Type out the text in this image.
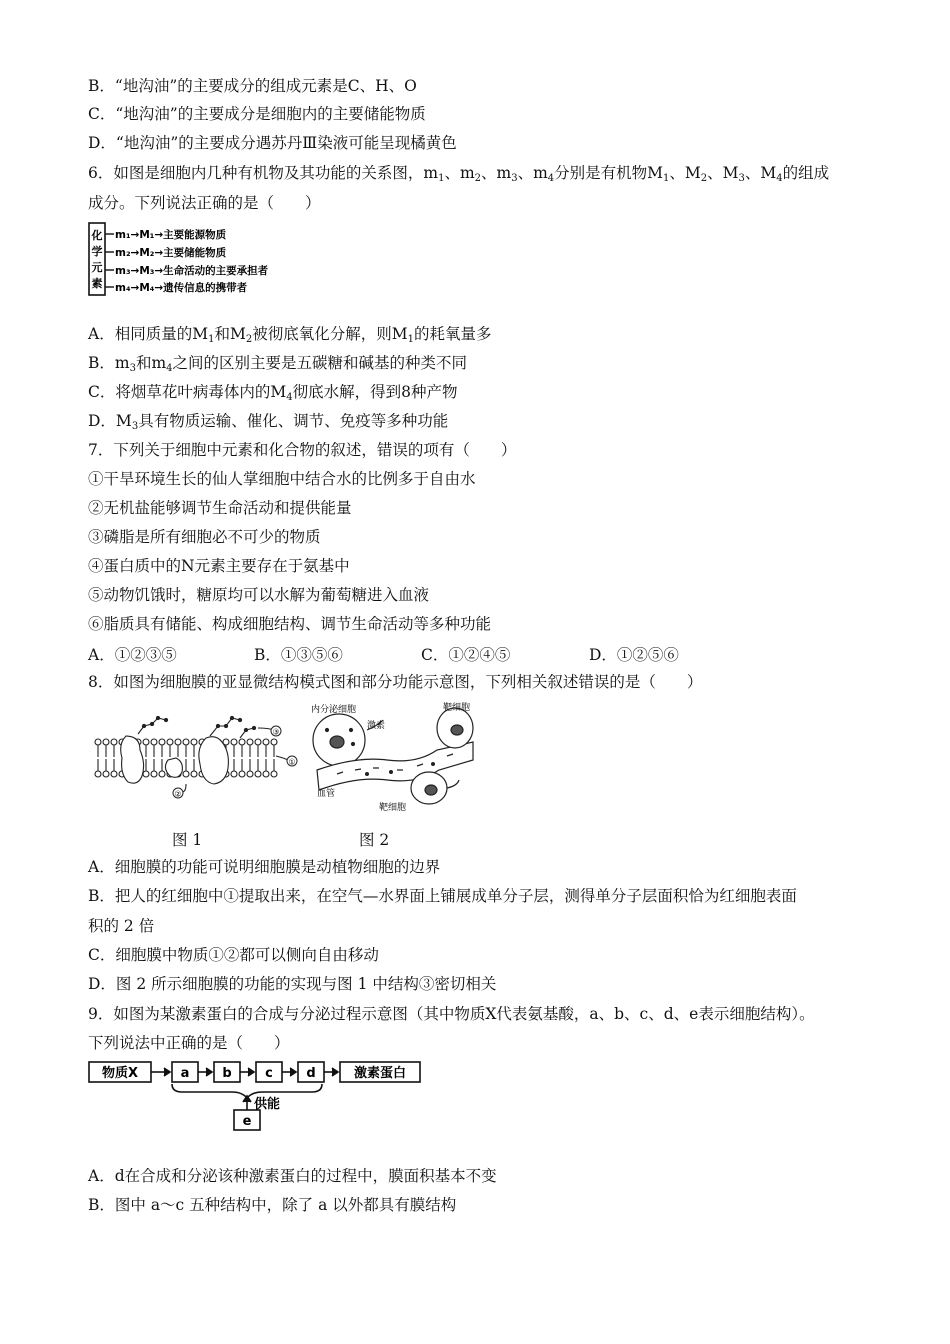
B．“地沟油”的主要成分的组成元素是C、H、O
C．“地沟油”的主要成分是细胞内的主要储能物质
D．“地沟油”的主要成分遇苏丹Ⅲ染液可能呈现橘黄色
6．如图是细胞内几种有机物及其功能的关系图，$m_1$、$m_2$、$m_3$、$m_4$分别是有机物$M_1$、$M_2$、$M_3$、$M_4$的组成
成分。下列说法正确的是（　　）
化
学
元
素
m₁→M₁→主要能源物质
m₂→M₂→主要储能物质
m₃→M₃→生命活动的主要承担者
m₄→M₄→遗传信息的携带者
A．相同质量的$M_1$和$M_2$被彻底氧化分解，则$M_1$的耗氧量多
B．$m_3$和$m_4$之间的区别主要是五碳糖和碱基的种类不同
C．将烟草花叶病毒体内的$M_4$彻底水解，得到8种产物
D．$M_3$具有物质运输、催化、调节、免疫等多种功能
7．下列关于细胞中元素和化合物的叙述，错误的项有（　　）
①干旱环境生长的仙人掌细胞中结合水的比例多于自由水
②无机盐能够调节生命活动和提供能量
③磷脂是所有细胞必不可少的物质
④蛋白质中的N元素主要存在于氨基中
⑤动物饥饿时，糖原均可以水解为葡萄糖进入血液
⑥脂质具有储能、构成细胞结构、调节生命活动等多种功能
A．①②③⑤	B．①③⑤⑥	C．①②④⑤	D．①②⑤⑥
8．如图为细胞膜的亚显微结构模式图和部分功能示意图，下列相关叙述错误的是（　　）
③
①
②
内分泌细胞
激素
靶细胞
血管
靶细胞
图 1	图 2
A．细胞膜的功能可说明细胞膜是动植物细胞的边界
B．把人的红细胞中①提取出来，在空气—水界面上铺展成单分子层，测得单分子层面积恰为红细胞表面
积的 2 倍
C．细胞膜中物质①②都可以侧向自由移动
D．图 2 所示细胞膜的功能的实现与图 1 中结构③密切相关
9．如图为某激素蛋白的合成与分泌过程示意图（其中物质X代表氨基酸，a、b、c、d、e表示细胞结构）。
下列说法中正确的是（　　）
物质X	a	b	c	d	激素蛋白
供能
e
A．d在合成和分泌该种激素蛋白的过程中，膜面积基本不变
B．图中 a～c 五种结构中，除了 a 以外都具有膜结构
